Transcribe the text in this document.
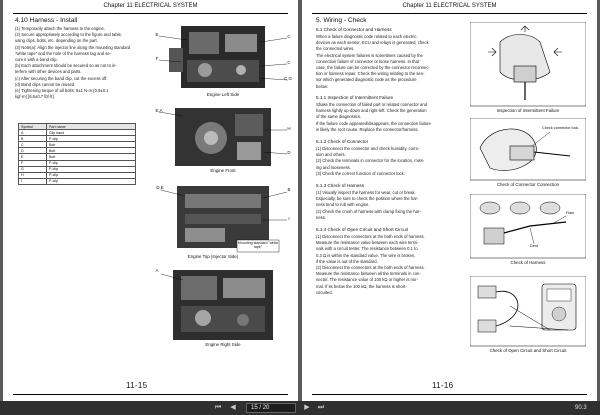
Chapter 11 ELECTRICAL SYSTEM
4.10 Harness - Install
(1) Temporarily attach the harness to the engine.
(2) Secure appropriately according to the figure and table,
using clips, bolts, etc. depending on the part.
(3) Note(a): Align the injector line along the mounting standard
"white tape" and the hole of the harness tag and se-
cure it with a band clip.
(b) Each attachment should be secured so as not to in-
terfere with other devices and parts.
(c) After securing the band clip, cut the excess off.
(d) Band clips cannot be reused.
(e) Tightening torque of all bolts: 9±1 N·m {0.9±0.1
kgf·m} [6.6±0.7 lbf·ft]
Symbol	Part name
A	Clip band
B	P-clip
C	Bolt
D	Bolt
E	Bolt
F	P-clip
G	P-clip
H	P-clip
I	P-clip
E
F
C
C
C,G
Engine Left Side
E,A
H
D
Engine Front
D,E	B
I
Mounting standard "white tape"
Engine Top (Injector Side)
A
Engine Right Side
11-15
Chapter 11 ELECTRICAL SYSTEM
5. Wiring - Check
5.1 Check of Connector and Harness
When a failure diagnostic code related to each electric
devices as each sensor, ECU and relays is generated, check
the connected wires.
The electrical system failures is sometimes caused by the
connection failure of connector or loose harness. In that
case, the failure can be corrected by the connector reconnec-
tion or harness repair. Check the wiring relating to the sen-
sor which generated diagnostic code as the procedure
below:
5.1.1 Inspection of Intermittent Failure
Shake the connection of failed part or related connector and
harness lightly up-down and right-left. Check the generation
of the same diagnostics.
If the failure code appeared/disappears, the connection failure
is likely the root cause. Replace the connector/harness.
5.1.2 Check of Connector
(1) Disconnect the connector and check humidity, corro-
sion and others.
(2) Check the terminals in connector for the location, miss-
ing and looseness.
(3) Check the correct function of connector lock.
5.1.3 Check of Harness
(1) Visually inspect the harness for wear, cut or break.
Especially, be sure to check the position where the har-
ness tend to rub with engine.
(2) Check the crush of harness with clamp fixing the har-
ness.
5.1.4 Check of Open Circuit and Short Circuit
(1) Disconnect the connectors at the both ends of harness.
Measure the resistance value between each wire termi-
nals with a circuit tester. The resistance between 0.1 to
0.3 Ω is within the standard value. The wire is broken,
if the value is out of the standard.
(2) Disconnect the connectors at the both ends of harness.
Measure the resistance between all the terminals in con-
nector. The resistance value of 100 kΩ or higher is nor-
mal. If its below the 100 kΩ, the harness is short-
circuited.
Inspection of Intermittent Failure
Check connector lock.
Check of Connector Connection
Flaw
Dent
Check of Harness
Check of Open Circuit and Short Circuit
11-16
⏮	◀	15 / 20	▶	⏭	90.3
